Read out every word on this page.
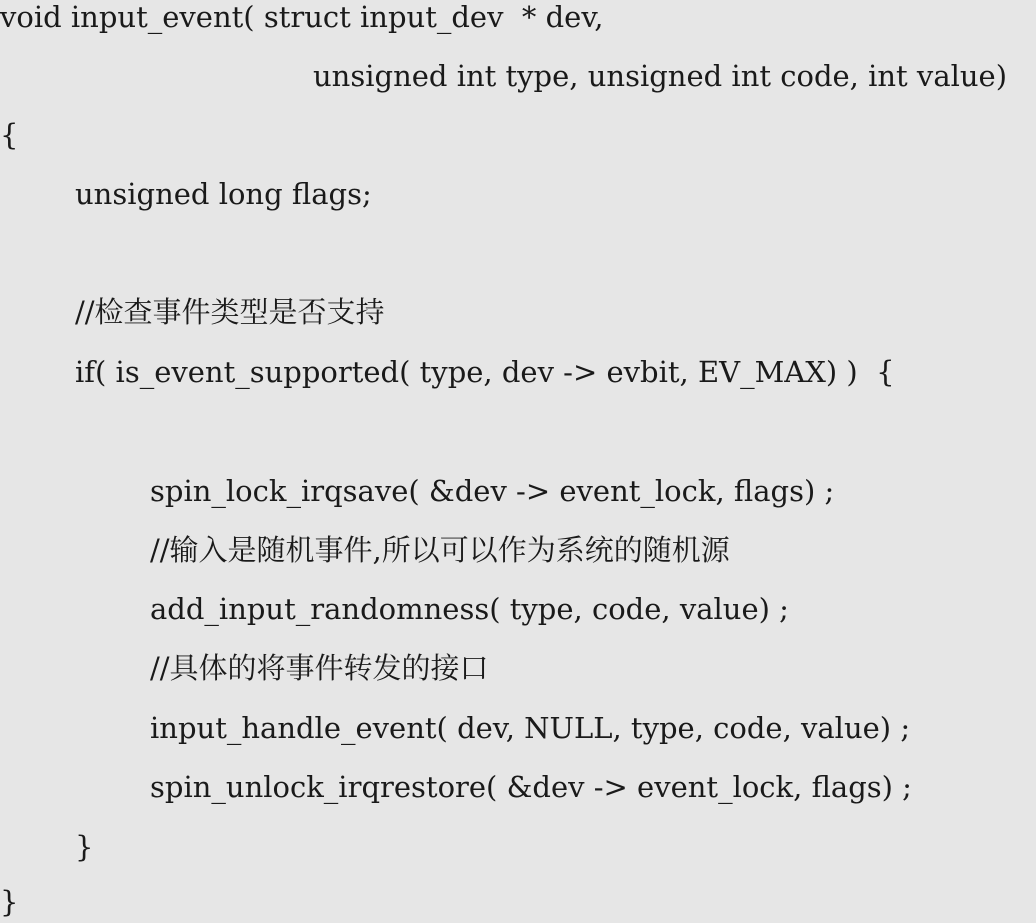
void input_event( struct input_dev  * dev,
unsigned int type, unsigned int code, int value)
{
unsigned long flags;
//检查事件类型是否支持
if( is_event_supported( type, dev -> evbit, EV_MAX) )  {
spin_lock_irqsave( &dev -> event_lock, flags) ;
//输入是随机事件,所以可以作为系统的随机源
add_input_randomness( type, code, value) ;
//具体的将事件转发的接口
input_handle_event( dev, NULL, type, code, value) ;
spin_unlock_irqrestore( &dev -> event_lock, flags) ;
}
}
